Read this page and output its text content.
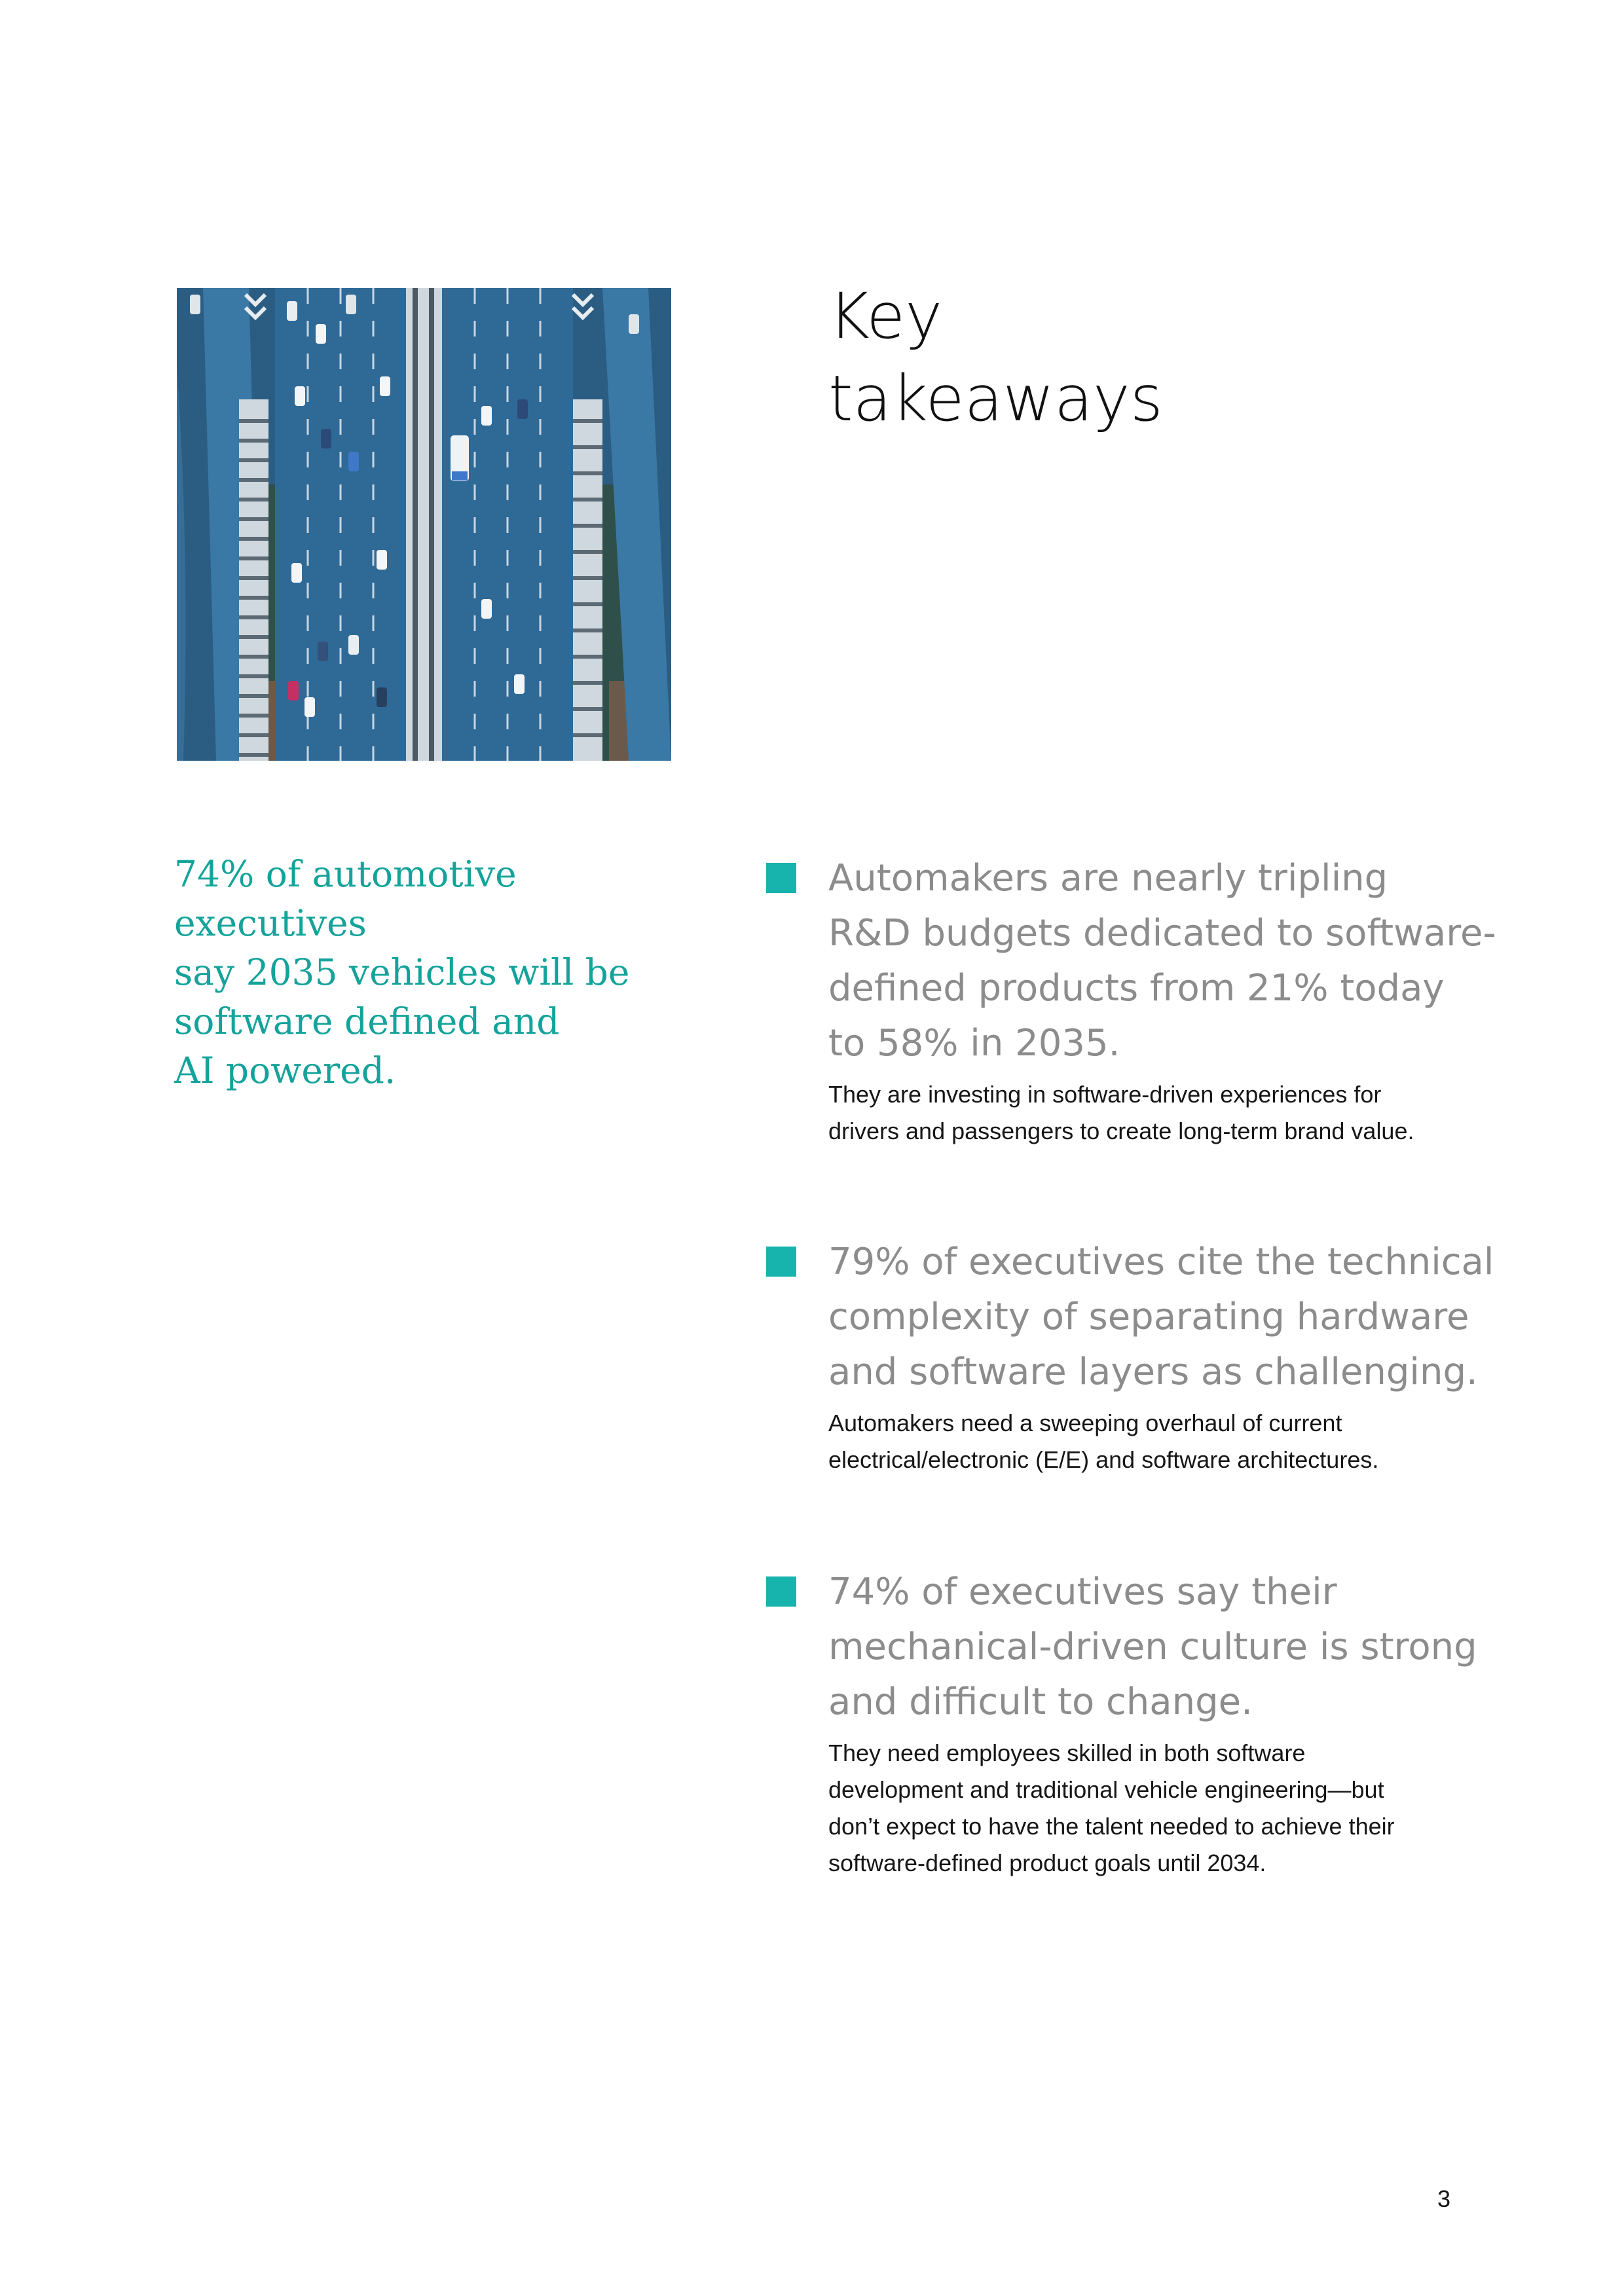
Key
takeaways
74% of automotive executives
say 2035 vehicles will be
software defined and
AI powered.
Automakers are nearly tripling
R&D budgets dedicated to software-
defined products from 21% today
to 58% in 2035.
They are investing in software-driven experiences for
drivers and passengers to create long-term brand value.
79% of executives cite the technical
complexity of separating hardware
and software layers as challenging.
Automakers need a sweeping overhaul of current
electrical/electronic (E/E) and software architectures.
74% of executives say their
mechanical-driven culture is strong
and difficult to change.
They need employees skilled in both software
development and traditional vehicle engineering—but
don’t expect to have the talent needed to achieve their
software-defined product goals until 2034.
3
